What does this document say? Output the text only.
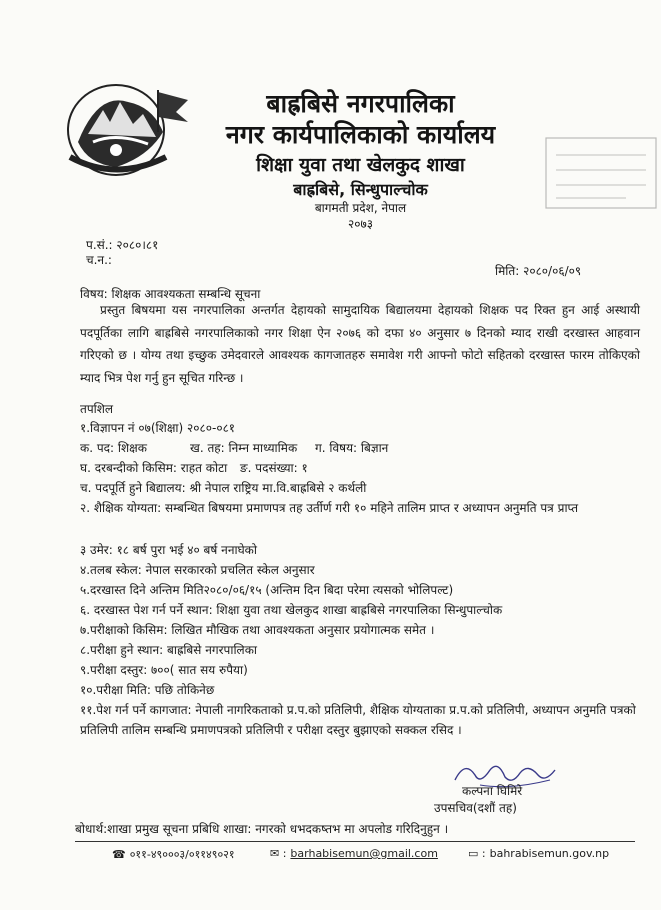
बाह्रबिसे नगरपालिका
नगर कार्यपालिकाको कार्यालय
शिक्षा युवा तथा खेलकुद शाखा
बाह्रबिसे, सिन्धुपाल्चोक
बागमती प्रदेश, नेपाल
२०७३
प.सं.: २०८०।८१
च.न.:
मिति: २०८०/०६/०९
विषय: शिक्षक आवश्यकता सम्बन्धि सूचना
प्रस्तुत बिषयमा यस नगरपालिका अन्तर्गत देहायको सामुदायिक बिद्यालयमा देहायको शिक्षक पद रिक्त हुन आई अस्थायी पदपूर्तिका लागि बाह्रबिसे नगरपालिकाको नगर शिक्षा ऐन २०७६ को दफा ४० अनुसार ७ दिनको म्याद राखी दरखास्त आहवान गरिएको छ । योग्य तथा इच्छुक उमेदवारले आवश्यक कागजातहरु समावेश गरी आफ्नो फोटो सहितको दरखास्त फारम तोकिएको म्याद भित्र पेश गर्नु हुन सूचित गरिन्छ ।
तपशिल
१.विज्ञापन नं ०७(शिक्षा) २०८०-०८१
क. पद: शिक्षक	ख. तह: निम्न माध्यामिक ग. विषय: बिज्ञान
घ. दरबन्दीको किसिम: राहत कोटा ङ. पदसंख्या: १
च. पदपूर्ति हुने बिद्यालय: श्री नेपाल राष्ट्रिय मा.वि.बाह्रबिसे २ कर्थली
२. शैक्षिक योग्यता: सम्बन्धित बिषयमा प्रमाणपत्र तह उर्तीर्ण गरी १० महिने तालिम प्राप्त र अध्यापन अनुमति पत्र प्राप्त
३ उमेर: १८ बर्ष पुरा भई ४० बर्ष ननाघेको
४.तलब स्केल: नेपाल सरकारको प्रचलित स्केल अनुसार
५.दरखास्त दिने अन्तिम मिति२०८०/०६/१५ (अन्तिम दिन बिदा परेमा त्यसको भोलिपल्ट)
६. दरखास्त पेश गर्न पर्ने स्थान: शिक्षा युवा तथा खेलकुद शाखा बाह्रबिसे नगरपालिका सिन्धुपाल्चोक
७.परीक्षाको किसिम: लिखित मौखिक तथा आवश्यकता अनुसार प्रयोगात्मक समेत ।
८.परीक्षा हुने स्थान: बाह्रबिसे नगरपालिका
९.परीक्षा दस्तुर: ७००( सात सय रुपैया)
१०.परीक्षा मिति: पछि तोकिनेछ
११.पेश गर्न पर्ने कागजात: नेपाली नागरिकताको प्र.प.को प्रतिलिपी, शैक्षिक योग्यताका प्र.प.को प्रतिलिपी, अध्यापन अनुमति पत्रको प्रतिलिपी तालिम सम्बन्धि प्रमाणपत्रको प्रतिलिपी र परीक्षा दस्तुर बुझाएको सक्कल रसिद ।
कल्पना घिमिरे
उपसचिव(दशौं तह)
बोधार्थ:शाखा प्रमुख सूचना प्रबिधि शाखा: नगरको धभदकष्तभ मा अपलोड गरिदिनुहुन ।
☎ ०११-४९०००३/०११४९०२१	✉ : barhabisemun@gmail.com	▭ : bahrabisemun.gov.np
